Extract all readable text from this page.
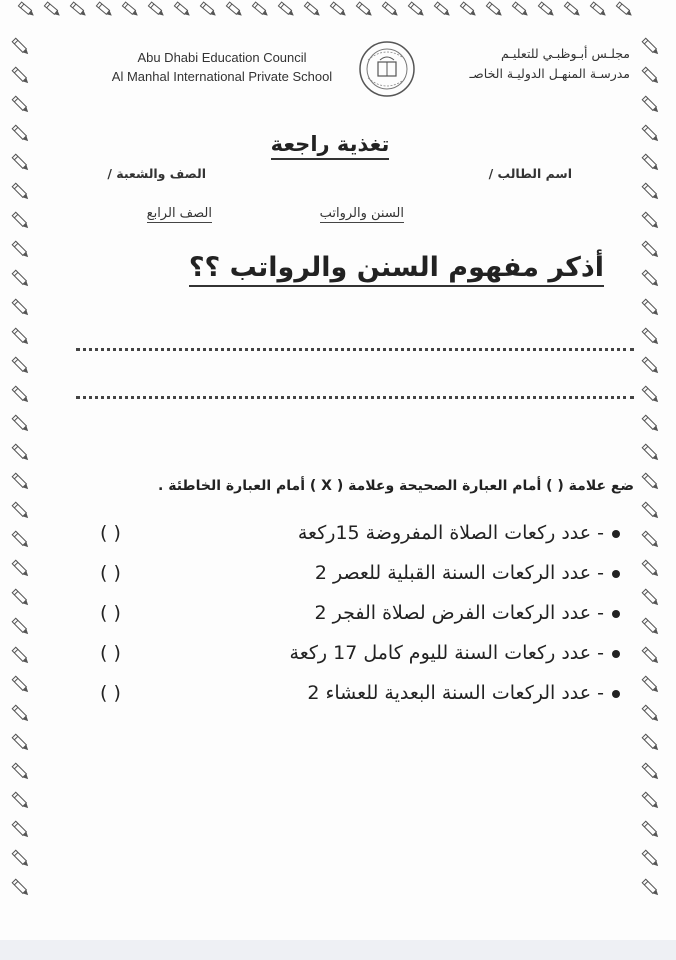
Abu Dhabi Education Council
Al Manhal International Private School
مجلـس أبـوظبـي للتعليـم
مدرسـة المنهـل الدوليـة الخاصـ
تغذية راجعة
اسم الطالب /
الصف والشعبة /
السنن والرواتب
الصف الرابع
أذكر مفهوم السنن والرواتب ؟؟
ضع علامة ( ) أمام العبارة الصحيحة وعلامة ( X ) أمام العبارة الخاطئة .
- عدد ركعات الصلاة المفروضة 15ركعة
( )
- عدد الركعات السنة القبلية للعصر 2
( )
- عدد الركعات الفرض لصلاة الفجر 2
( )
- عدد ركعات السنة لليوم كامل 17 ركعة
( )
- عدد الركعات السنة البعدية للعشاء 2
( )
